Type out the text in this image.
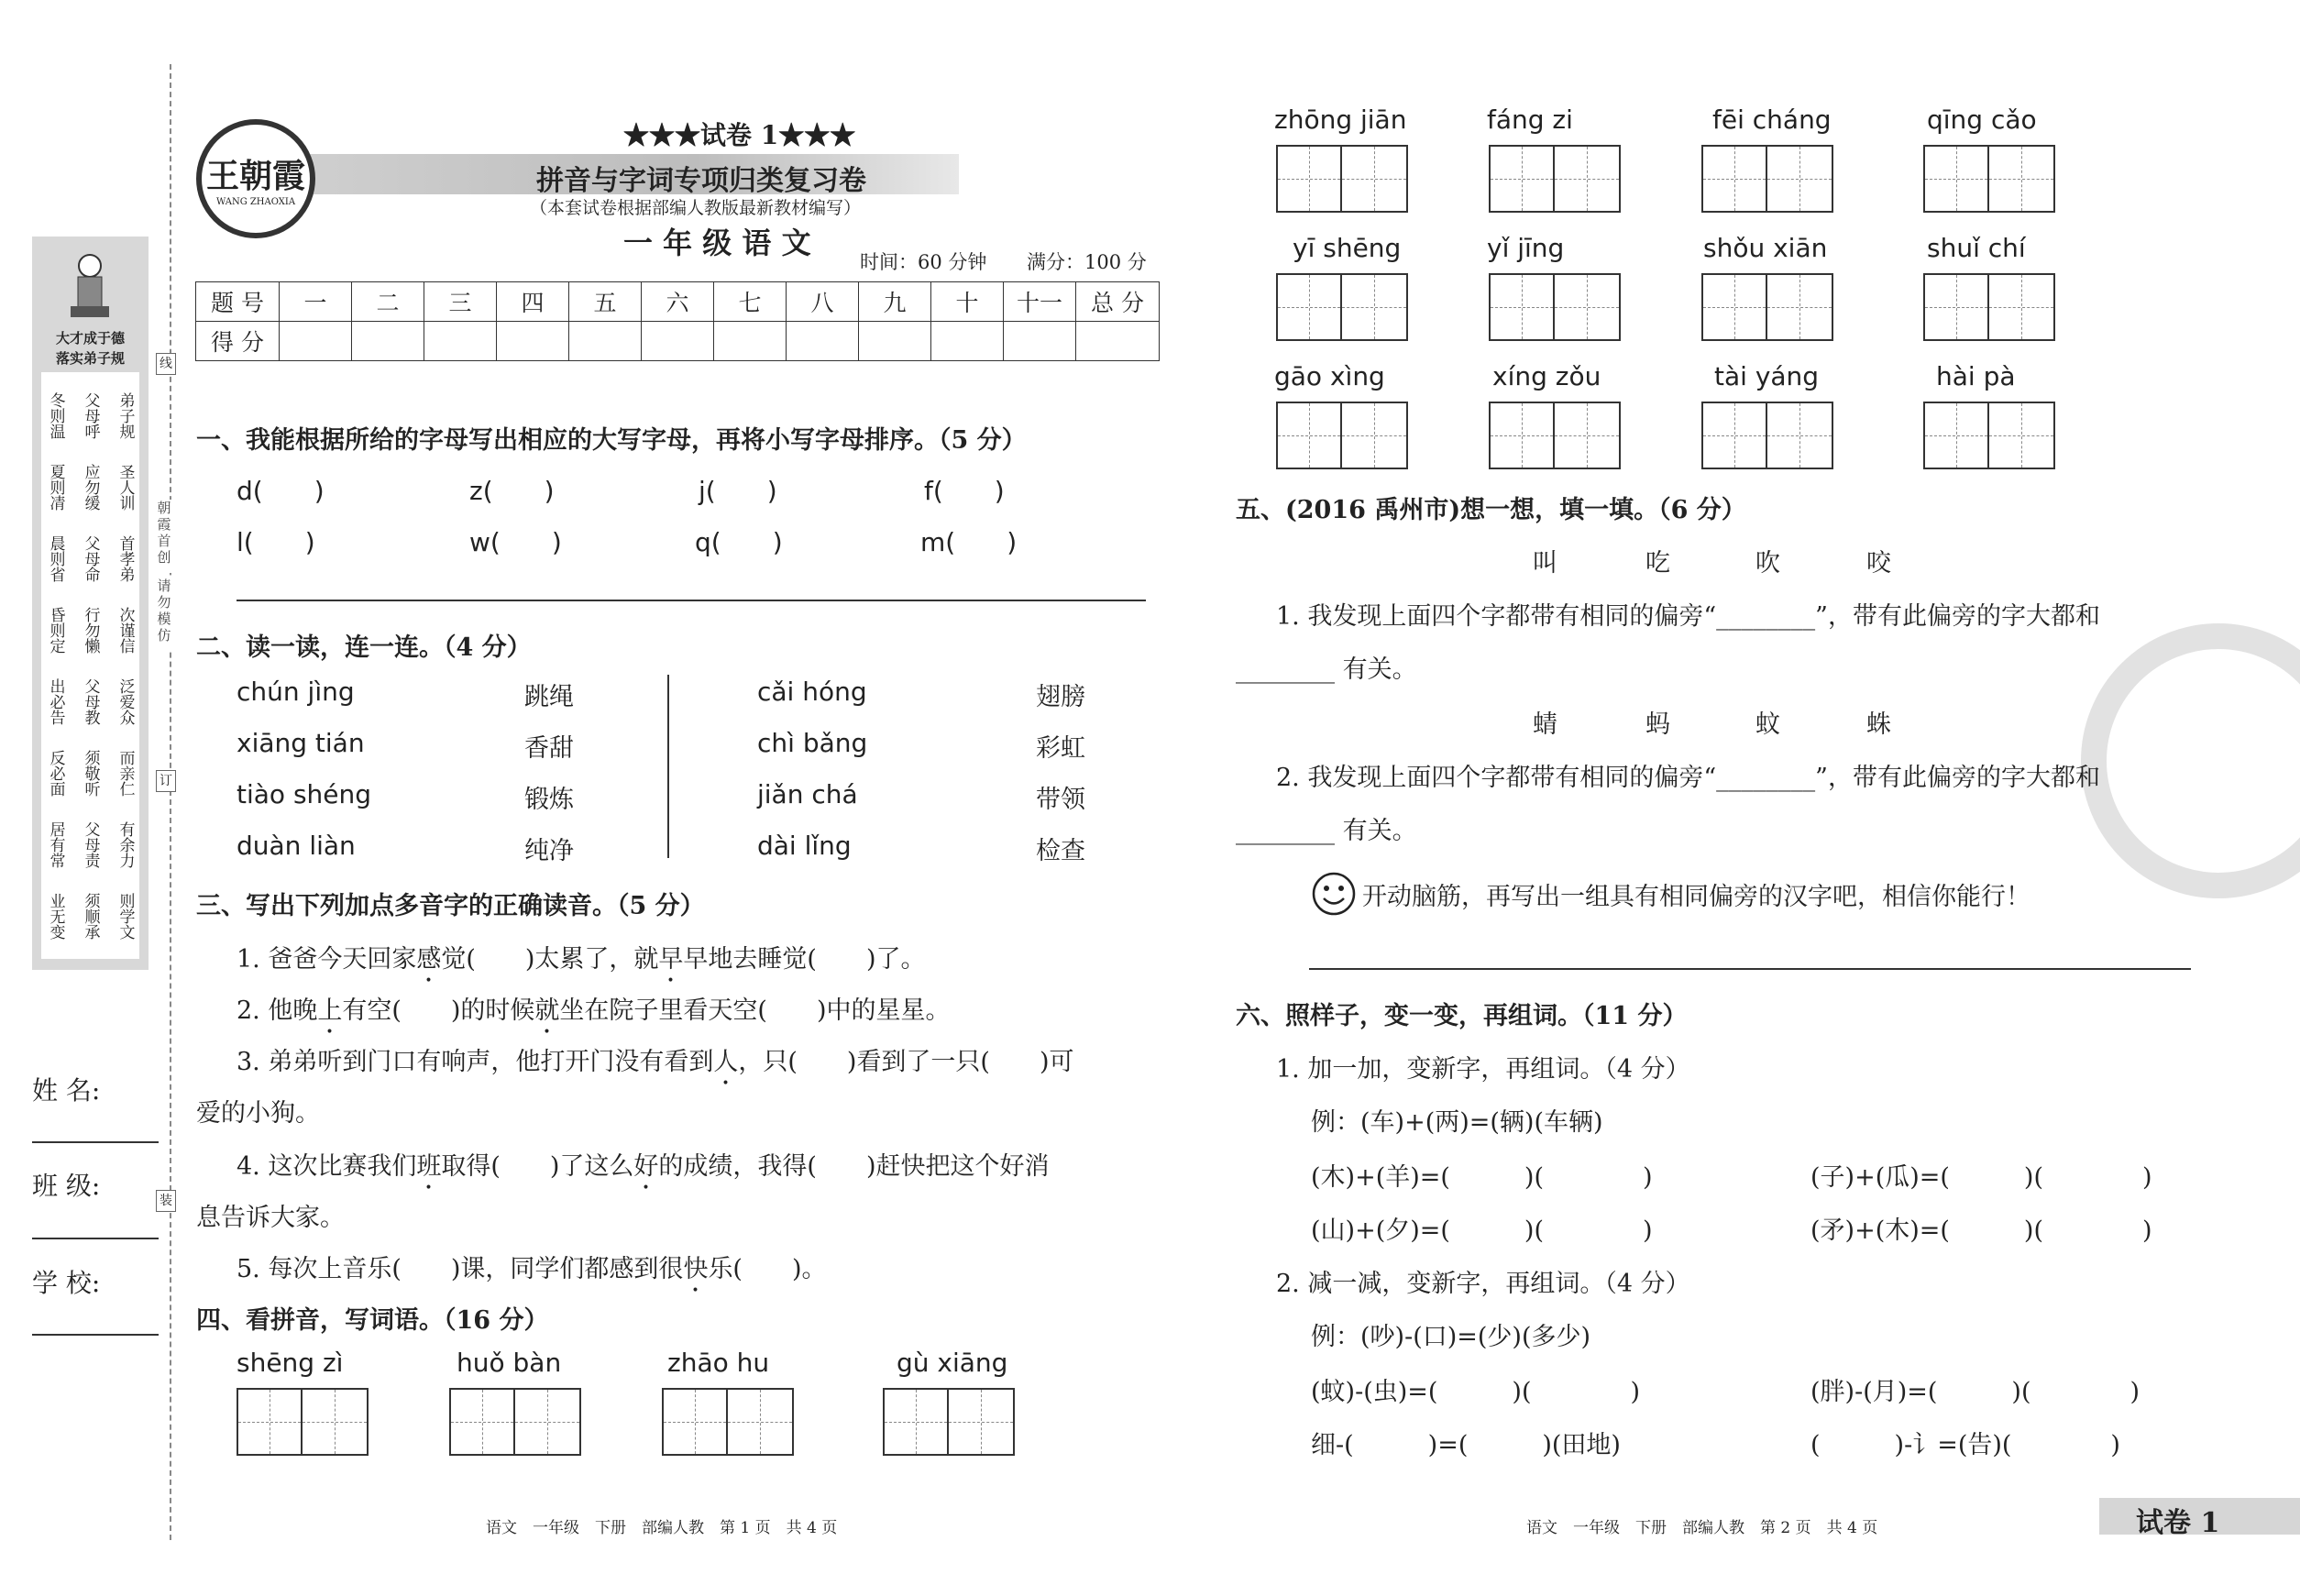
大才成于德
落实弟子规
冬则温
夏则凊
晨则省
昏则定
出必告
反必面
居有常
业无变
父母呼
应勿缓
父母命
行勿懒
父母教
须敬听
父母责
须顺承
弟子规
圣人训
首孝弟
次谨信
泛爱众
而亲仁
有余力
则学文
线
朝霞首创
请勿模仿
订
装
姓 名:
班 级:
学 校:
王朝霞
WANG ZHAOXIA
★★★试卷 1★★★
拼音与字词专项归类复习卷
（本套试卷根据部编人教版最新教材编写）
一 年 级 语 文
时间：60 分钟 满分：100 分
题 号	一	二	三	四	五	六	七	八	九	十	十一	总 分
得 分												
一、我能根据所给的字母写出相应的大写字母，再将小写字母排序。（5 分）
d(　　)	z(　　)	j(　　)	f(　　)
l(　　)	w(　　)	q(　　)	m(　　)
二、读一读，连一连。（4 分）
三、写出下列加点多音字的正确读音。（5 分）
四、看拼音，写词语。（16 分）
五、(2016 禹州市)想一想，填一填。（6 分）
1. 我发现上面四个字都带有相同的偏旁“________”，带有此偏旁的字大都和
________ 有关。
2. 我发现上面四个字都带有相同的偏旁“________”，带有此偏旁的字大都和
________ 有关。
开动脑筋，再写出一组具有相同偏旁的汉字吧，相信你能行！
六、照样子，变一变，再组词。（11 分）
1. 加一加，变新字，再组词。（4 分）
例：(车)+(两)=(辆)(车辆)
(木)+(羊)=(　　　)(　　　　)	(子)+(瓜)=(　　　)(　　　　)
(山)+(夕)=(　　　)(　　　　)	(矛)+(木)=(　　　)(　　　　)
2. 减一减，变新字，再组词。（4 分）
例：(吵)-(口)=(少)(多少)
(蚊)-(虫)=(　　　)(　　　　)	(胖)-(月)=(　　　)(　　　　)
细-(　　　)=(　　　)(田地)	(　　　)-讠=(告)(　　　　)
语文　一年级　下册　部编人教　第 1 页　共 4 页	语文　一年级　下册　部编人教　第 2 页　共 4 页	试卷 1
chún jìng	跳绳	cǎi hóng	翅膀
xiāng tián	香甜	chì bǎng	彩虹
tiào shéng	锻炼	jiǎn chá	带领
duàn liàn	纯净	dài lǐng	检查
1. 爸爸今天回家感觉(　　)太累了，就早早地去睡觉(　　)了。
2. 他晚上有空(　　)的时候就坐在院子里看天空(　　)中的星星。
3. 弟弟听到门口有响声，他打开门没有看到人，只(　　)看到了一只(　　)可
爱的小狗。
4. 这次比赛我们班取得(　　)了这么好的成绩，我得(　　)赶快把这个好消
息告诉大家。
5. 每次上音乐(　　)课，同学们都感到很快乐(　　)。
shēng zì	huǒ bàn	zhāo hu	gù xiāng
zhōng jiān	fáng zi	fēi cháng	qīng cǎo
yī shēng	yǐ jīng	shǒu xiān	shuǐ chí
gāo xìng	xíng zǒu	tài yáng	hài pà
叫
蜻
吃
蚂
吹
蚊
咬
蛛
